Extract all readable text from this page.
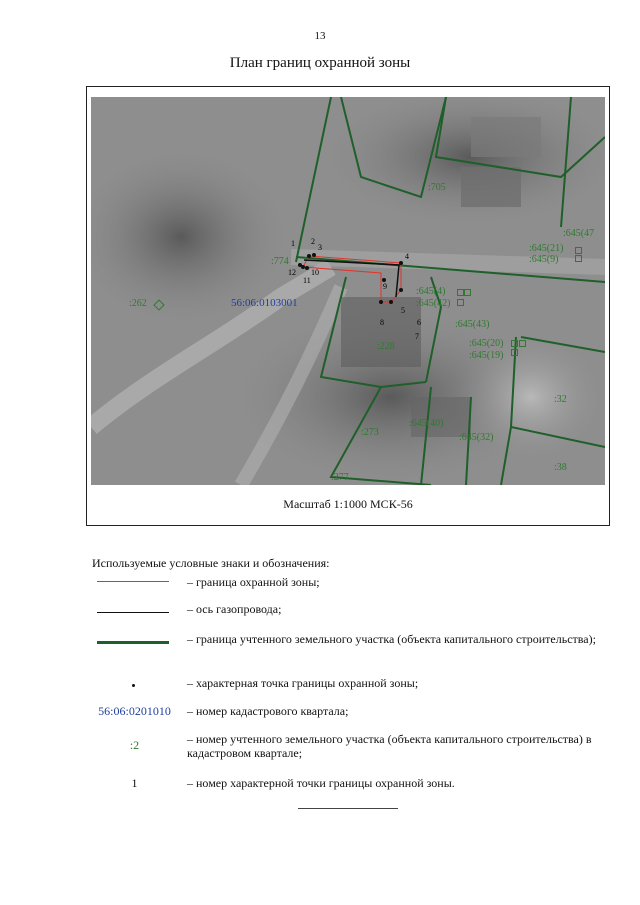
13
План границ охранной зоны
:705
:774
:262
:228
:273
:277
:645(47
:645(21)
:645(9)
:645(4)
:645(42)
:645(43)
:645(20)
:645(19)
:645(40)
:645(32)
:32
:38
56:06:0103001
1 2
3
4
5
6
7
8
9
10
11
12
Масштаб 1:1000 МСК-56
Используемые условные знаки и обозначения:
– граница охранной зоны;
– ось газопровода;
– граница учтенного земельного участка (объекта капитального строительства);
– характерная точка границы охранной зоны;
56:06:0201010	– номер кадастрового квартала;
:2	– номер учтенного земельного участка (объекта капитального строительства) в кадастровом квартале;
1	– номер характерной точки границы охранной зоны.
